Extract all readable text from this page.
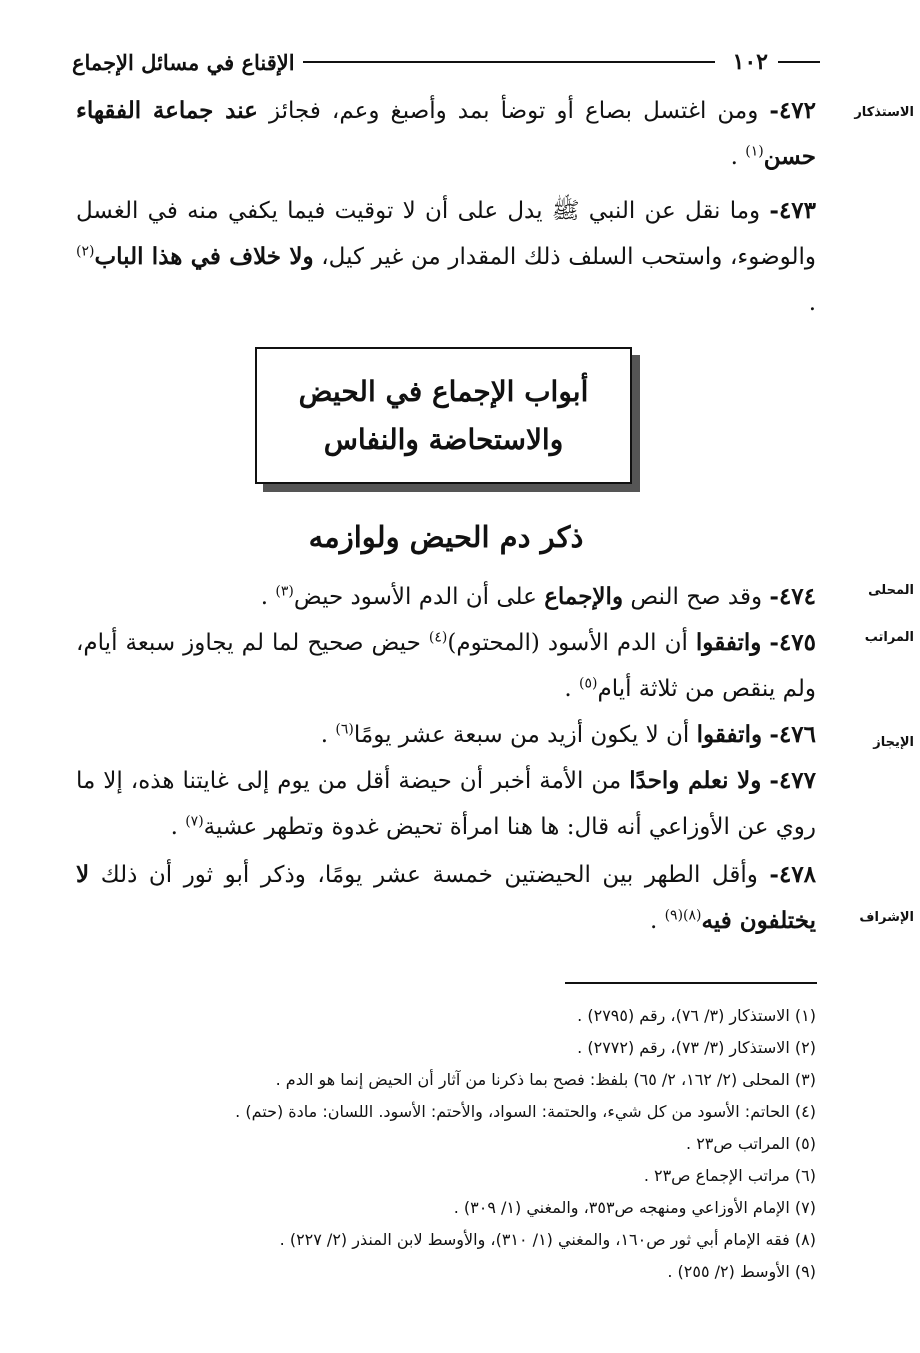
١٠٢
الإقناع في مسائل الإجماع
الاستذكار
المحلى
المراتب
الإيجاز
الإشراف
٤٧٢- ومن اغتسل بصاع أو توضأ بمد وأصبغ وعم، فجائز عند جماعة الفقهاء حسن$^{(١)}$ .
٤٧٣- وما نقل عن النبي ﷺ يدل على أن لا توقيت فيما يكفي منه في الغسل والوضوء، واستحب السلف ذلك المقدار من غير كيل، ولا خلاف في هذا الباب$^{(٢)}$ .
أبواب الإجماع في الحيض
والاستحاضة والنفاس
ذكر دم الحيض ولوازمه
٤٧٤- وقد صح النص والإجماع على أن الدم الأسود حيض$^{(٣)}$ .
٤٧٥- واتفقوا أن الدم الأسود (المحتوم)$^{(٤)}$ حيض صحيح لما لم يجاوز سبعة أيام، ولم ينقص من ثلاثة أيام$^{(٥)}$ .
٤٧٦- واتفقوا أن لا يكون أزيد من سبعة عشر يومًا$^{(٦)}$ .
٤٧٧- ولا نعلم واحدًا من الأمة أخبر أن حيضة أقل من يوم إلى غايتنا هذه، إلا ما روي عن الأوزاعي أنه قال: ها هنا امرأة تحيض غدوة وتطهر عشية$^{(٧)}$ .
٤٧٨- وأقل الطهر بين الحيضتين خمسة عشر يومًا، وذكر أبو ثور أن ذلك لا يختلفون فيه$^{(٨)(٩)}$ .
(١) الاستذكار (٣/ ٧٦)، رقم (٢٧٩٥) .
(٢) الاستذكار (٣/ ٧٣)، رقم (٢٧٧٢) .
(٣) المحلى (٢/ ١٦٢، ٢/ ٦٥) بلفظ: فصح بما ذكرنا من آثار أن الحيض إنما هو الدم .
(٤) الحاتم: الأسود من كل شيء، والحتمة: السواد، والأحتم: الأسود. اللسان: مادة (حتم) .
(٥) المراتب ص٢٣ .
(٦) مراتب الإجماع ص٢٣ .
(٧) الإمام الأوزاعي ومنهجه ص٣٥٣، والمغني (١/ ٣٠٩) .
(٨) فقه الإمام أبي ثور ص١٦٠، والمغني (١/ ٣١٠)، والأوسط لابن المنذر (٢/ ٢٢٧) .
(٩) الأوسط (٢/ ٢٥٥) .
